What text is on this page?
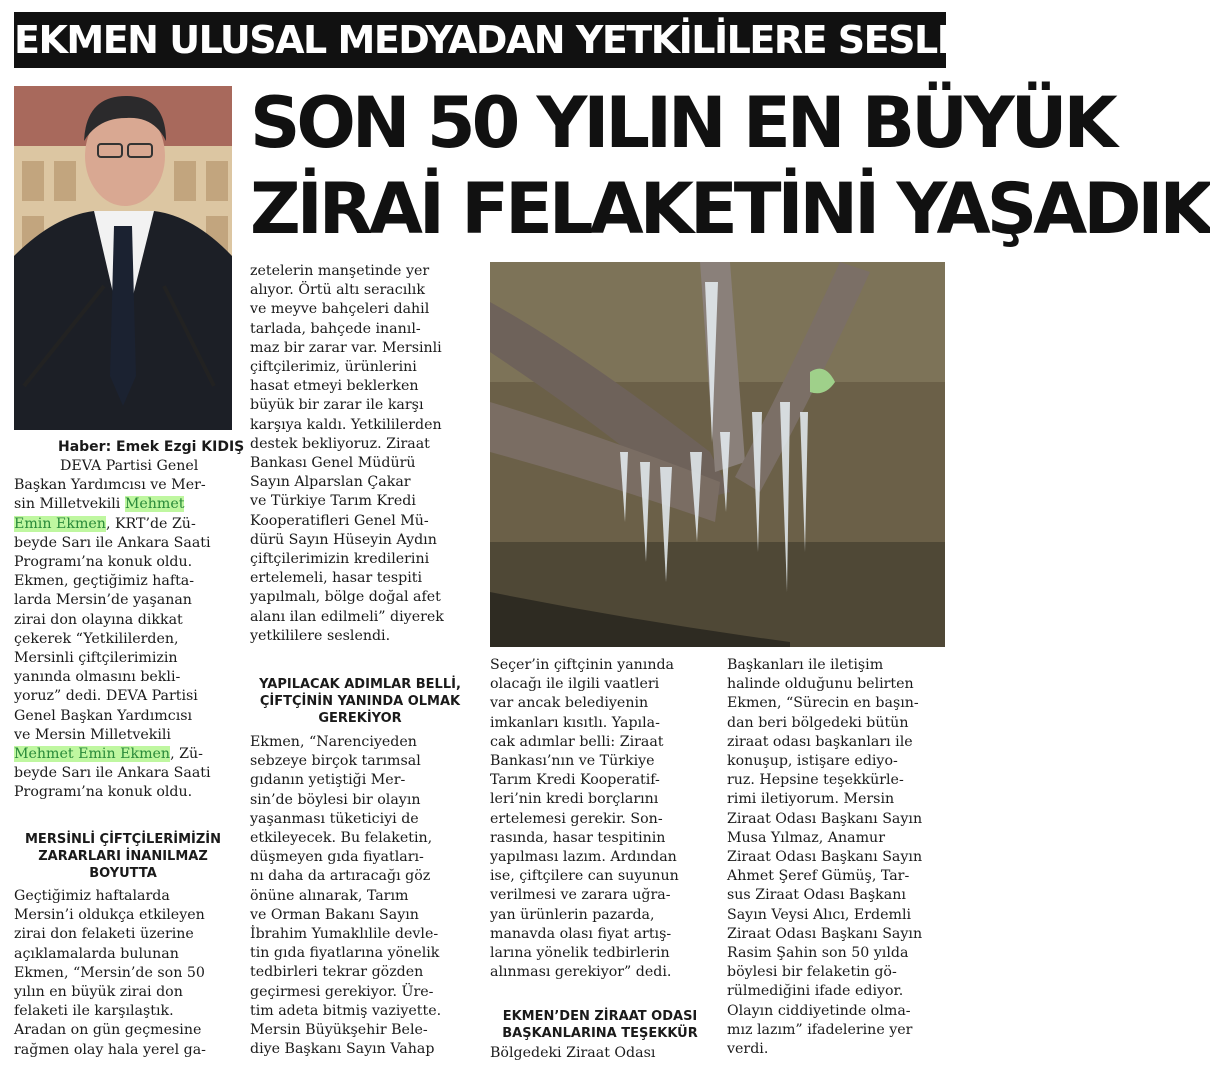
EKMEN ULUSAL MEDYADAN YETKİLİLERE SESLENDİ:
SON 50 YILIN EN BÜYÜK
ZİRAİ FELAKETİNİ YAŞADIK
Haber: Emek Ezgi KIDIŞ

DEVA Partisi Genel

Başkan Yardımcısı ve Mer-

sin Milletvekili Mehmet

Emin Ekmen, KRT’de Zü-

beyde Sarı ile Ankara Saati

Programı’na konuk oldu.

Ekmen, geçtiğimiz hafta-

larda Mersin’de yaşanan

zirai don olayına dikkat

çekerek “Yetkililerden,

Mersinli çiftçilerimizin

yanında olmasını bekli-

yoruz” dedi. DEVA Partisi

Genel Başkan Yardımcısı

ve Mersin Milletvekili

Mehmet Emin Ekmen, Zü-

beyde Sarı ile Ankara Saati

Programı’na konuk oldu.

MERSİNLİ ÇİFTÇİLERİMİZİN

ZARARLARI İNANILMAZ

BOYUTTA

Geçtiğimiz haftalarda

Mersin’i oldukça etkileyen

zirai don felaketi üzerine

açıklamalarda bulunan

Ekmen, “Mersin’de son 50

yılın en büyük zirai don

felaketi ile karşılaştık.

Aradan on gün geçmesine

rağmen olay hala yerel ga-

zetelerin manşetinde yer

alıyor. Örtü altı seracılık

ve meyve bahçeleri dahil

tarlada, bahçede inanıl-

maz bir zarar var. Mersinli

çiftçilerimiz, ürünlerini

hasat etmeyi beklerken

büyük bir zarar ile karşı

karşıya kaldı. Yetkililerden

destek bekliyoruz. Ziraat

Bankası Genel Müdürü

Sayın Alparslan Çakar

ve Türkiye Tarım Kredi

Kooperatifleri Genel Mü-

dürü Sayın Hüseyin Aydın

çiftçilerimizin kredilerini

ertelemeli, hasar tespiti

yapılmalı, bölge doğal afet

alanı ilan edilmeli” diyerek

yetkililere seslendi.

YAPILACAK ADIMLAR BELLİ,

ÇİFTÇİNİN YANINDA OLMAK

GEREKİYOR

Ekmen, “Narenciyeden

sebzeye birçok tarımsal

gıdanın yetiştiği Mer-

sin’de böylesi bir olayın

yaşanması tüketiciyi de

etkileyecek. Bu felaketin,

düşmeyen gıda fiyatları-

nı daha da artıracağı göz

önüne alınarak, Tarım

ve Orman Bakanı Sayın

İbrahim Yumaklılile devle-

tin gıda fiyatlarına yönelik

tedbirleri tekrar gözden

geçirmesi gerekiyor. Üre-

tim adeta bitmiş vaziyette.

Mersin Büyükşehir Bele-

diye Başkanı Sayın Vahap

Seçer’in çiftçinin yanında

olacağı ile ilgili vaatleri

var ancak belediyenin

imkanları kısıtlı. Yapıla-

cak adımlar belli: Ziraat

Bankası’nın ve Türkiye

Tarım Kredi Kooperatif-

leri’nin kredi borçlarını

ertelemesi gerekir. Son-

rasında, hasar tespitinin

yapılması lazım. Ardından

ise, çiftçilere can suyunun

verilmesi ve zarara uğra-

yan ürünlerin pazarda,

manavda olası fiyat artış-

larına yönelik tedbirlerin

alınması gerekiyor” dedi.

EKMEN’DEN ZİRAAT ODASI

BAŞKANLARINA TEŞEKKÜR

Bölgedeki Ziraat Odası

Başkanları ile iletişim

halinde olduğunu belirten

Ekmen, “Sürecin en başın-

dan beri bölgedeki bütün

ziraat odası başkanları ile

konuşup, istişare ediyo-

ruz. Hepsine teşekkürle-

rimi iletiyorum. Mersin

Ziraat Odası Başkanı Sayın

Musa Yılmaz, Anamur

Ziraat Odası Başkanı Sayın

Ahmet Şeref Gümüş, Tar-

sus Ziraat Odası Başkanı

Sayın Veysi Alıcı, Erdemli

Ziraat Odası Başkanı Sayın

Rasim Şahin son 50 yılda

böylesi bir felaketin gö-

rülmediğini ifade ediyor.

Olayın ciddiyetinde olma-

mız lazım” ifadelerine yer

verdi.
